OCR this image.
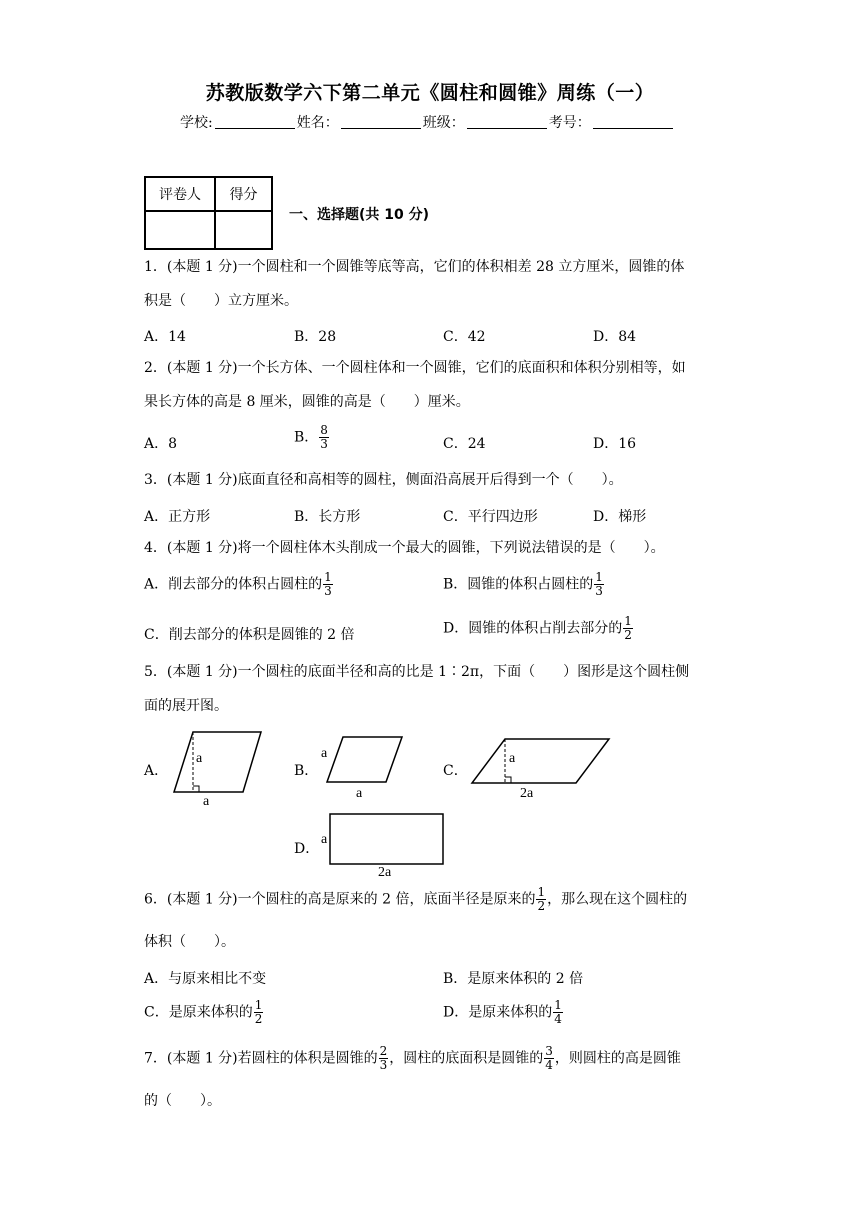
苏教版数学六下第二单元《圆柱和圆锥》周练（一）
学校:	姓名：	班级：	考号：
评卷人	得分

一、选择题(共 10 分)
1．(本题 1 分)一个圆柱和一个圆锥等底等高，它们的体积相差 28 立方厘米，圆锥的体
积是（　　）立方厘米。
A．14	B．28	C．42	D．84
2．(本题 1 分)一个长方体、一个圆柱体和一个圆锥，它们的底面积和体积分别相等，如
果长方体的高是 8 厘米，圆锥的高是（　　）厘米。
A．8	B． $\frac{8}{3}$	C．24	D．16
3．(本题 1 分)底面直径和高相等的圆柱，侧面沿高展开后得到一个（　　）。
A．正方形	B．长方形	C．平行四边形	D．梯形
4．(本题 1 分)将一个圆柱体木头削成一个最大的圆锥，下列说法错误的是（　　）。
A．削去部分的体积占圆柱的 $\frac{1}{3}$	B．圆锥的体积占圆柱的 $\frac{1}{3}$
C．削去部分的体积是圆锥的 2 倍	D．圆锥的体积占削去部分的 $\frac{1}{2}$
5．(本题 1 分)一个圆柱的底面半径和高的比是 1∶2π，下面（　　）图形是这个圆柱侧
面的展开图。
A．
a
a
B．
a
a
C．
a
2a
D．
a
2a
6．(本题 1 分)一个圆柱的高是原来的 2 倍，底面半径是原来的 $\frac{1}{2}$ ，那么现在这个圆柱的
体积（　　）。
A．与原来相比不变	B．是原来体积的 2 倍
C．是原来体积的 $\frac{1}{2}$	D．是原来体积的 $\frac{1}{4}$
7．(本题 1 分)若圆柱的体积是圆锥的 $\frac{2}{3}$ ，圆柱的底面积是圆锥的 $\frac{3}{4}$ ，则圆柱的高是圆锥
的（　　）。
